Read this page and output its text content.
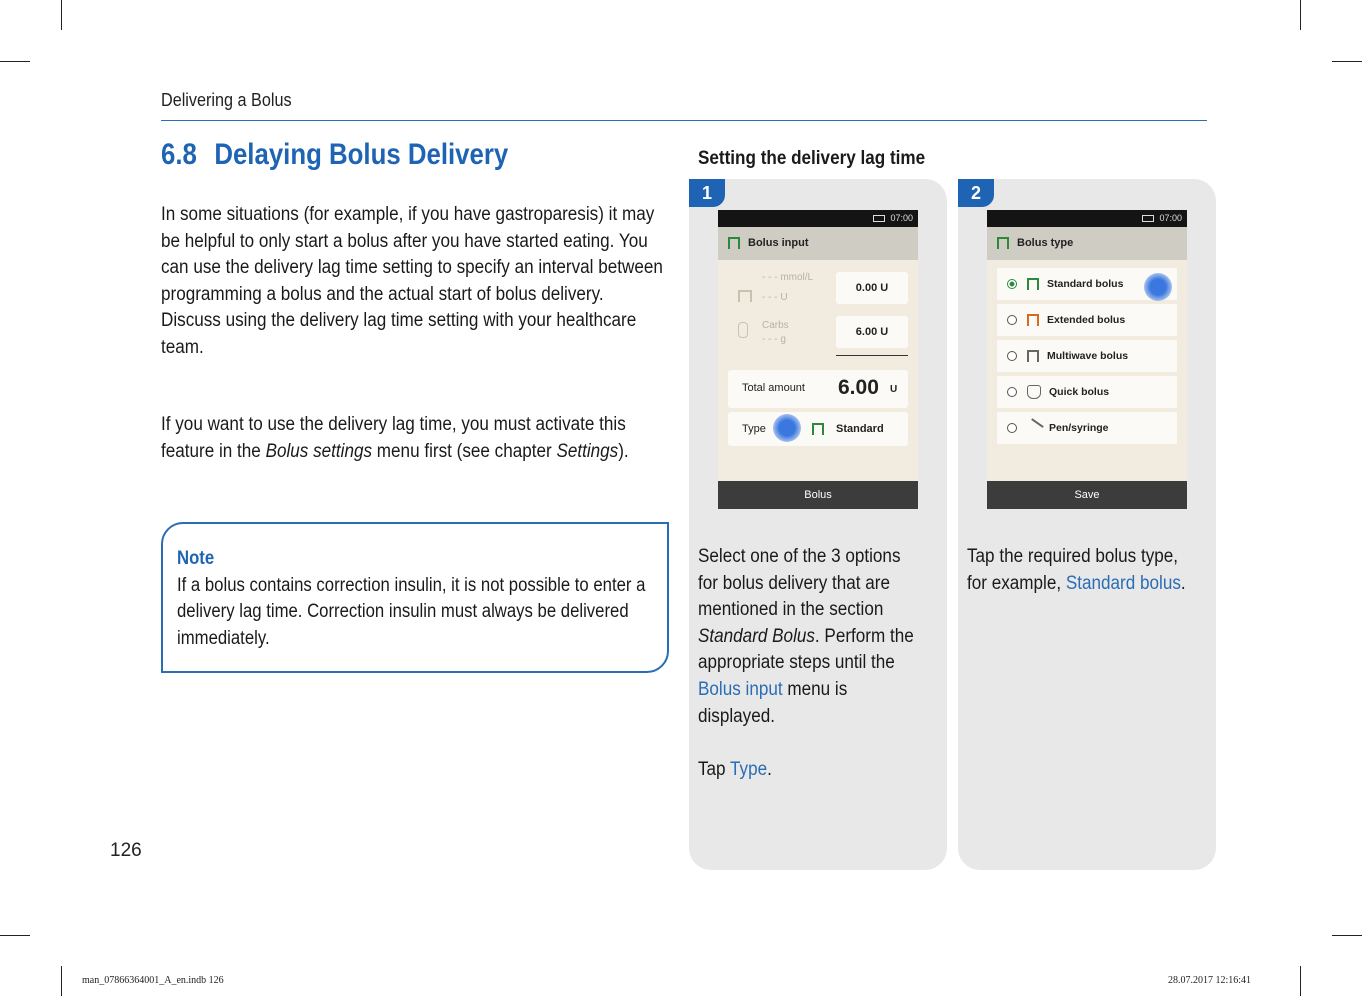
Delivering a Bolus
6.8 Delaying Bolus Delivery
In some situations (for example, if you have gastroparesis) it may be helpful to only start a bolus after you have started eating. You can use the delivery lag time setting to specify an interval between programming a bolus and the actual start of bolus delivery.
Discuss using the delivery lag time setting with your healthcare team.
If you want to use the delivery lag time, you must activate this feature in the Bolus settings menu first (see chapter Settings).
Note
If a bolus contains correction insulin, it is not possible to enter a delivery lag time. Correction insulin must always be delivered immediately.
126
Setting the delivery lag time
1
07:00
Bolus input
- - - mmol/L
- - - U
Carbs
- - - g
0.00 U
6.00 U
Total amount 6.00 U
Type	Standard
Bolus
Select one of the 3 options for bolus delivery that are mentioned in the section Standard Bolus. Perform the appropriate steps until the Bolus input menu is displayed.
Tap Type.
2
07:00
Bolus type
Standard bolus
Extended bolus
Multiwave bolus
Quick bolus
Pen/syringe
Save
Tap the required bolus type, for example, Standard bolus.
man_07866364001_A_en.indb 126	28.07.2017 12:16:41
